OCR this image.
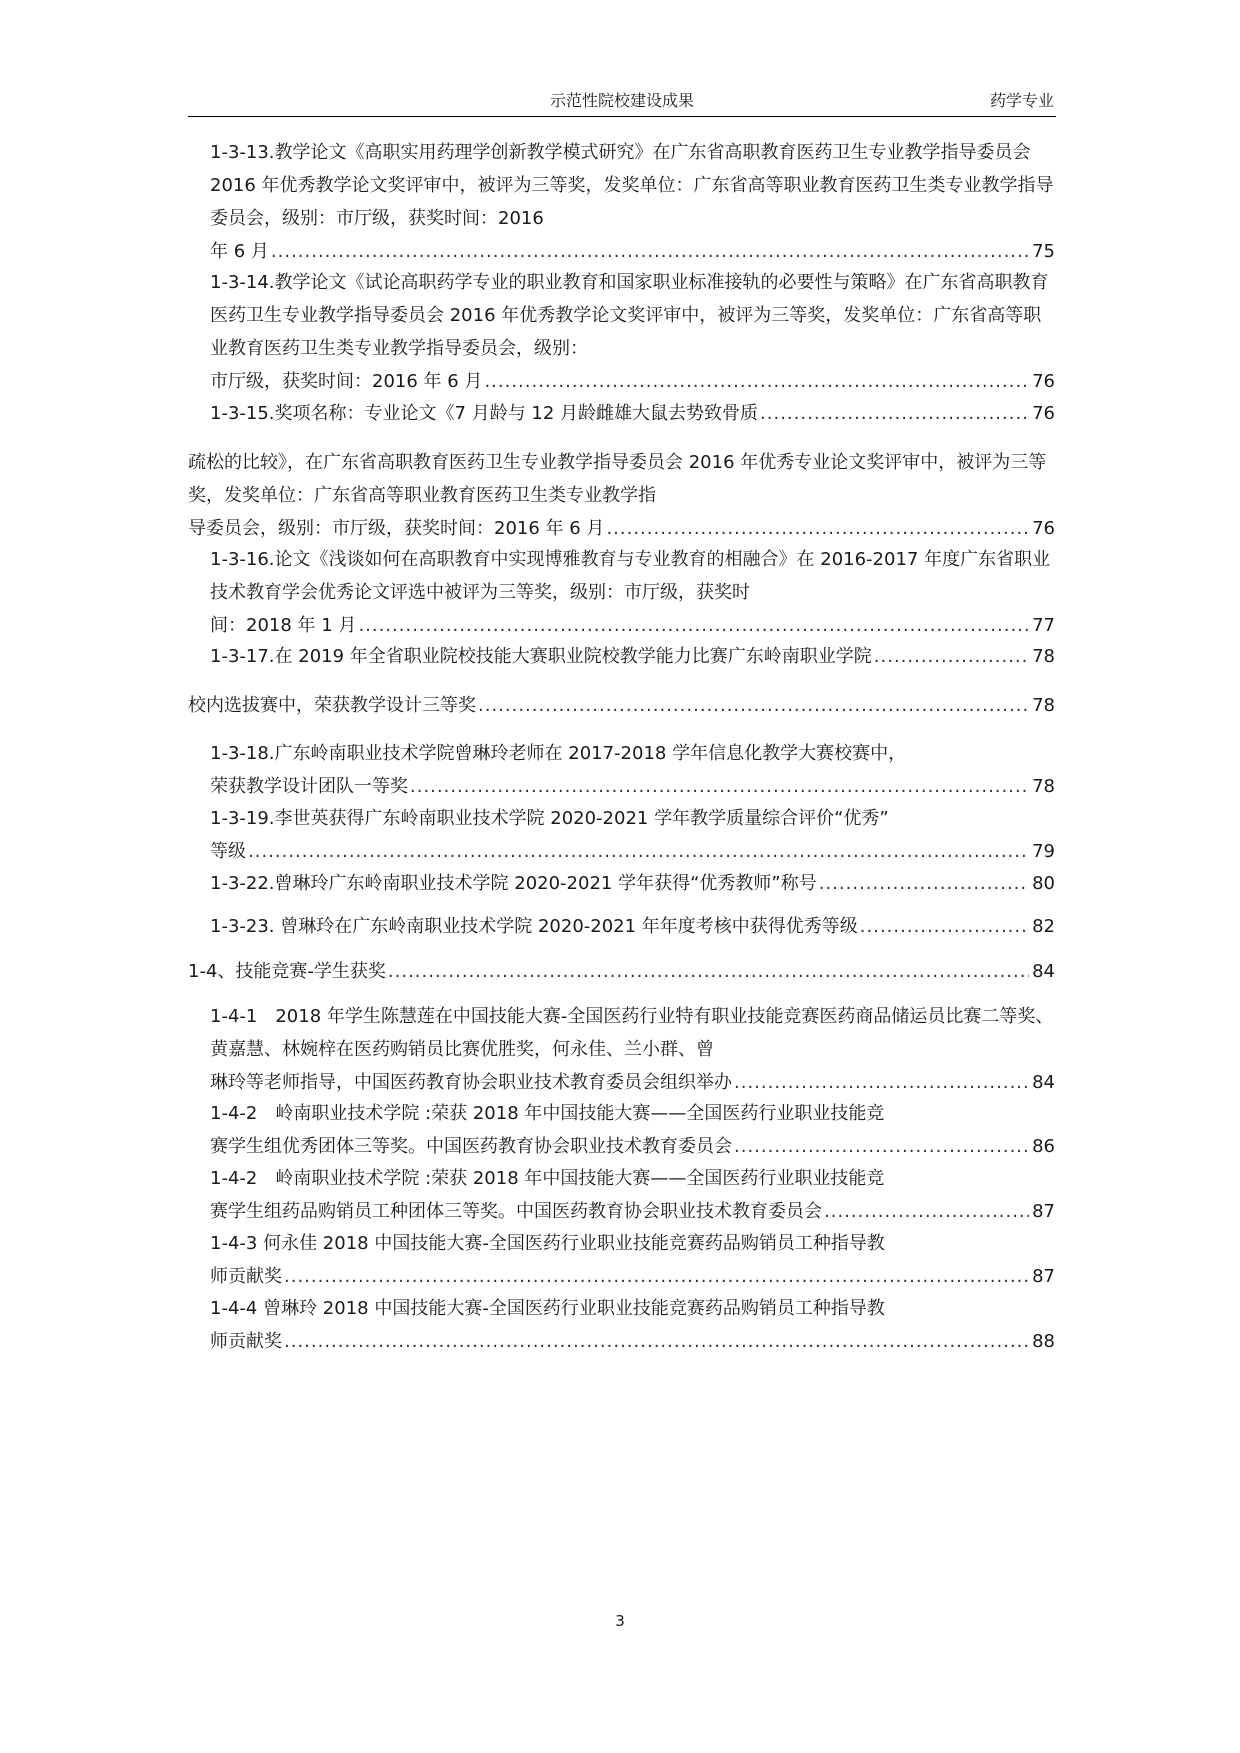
示范性院校建设成果	药学专业
1-3-13.教学论文《高职实用药理学创新教学模式研究》在广东省高职教育医药卫生专业教学指导委员会 2016 年优秀教学论文奖评审中，被评为三等奖，发奖单位：广东省高等职业教育医药卫生类专业教学指导委员会，级别：市厅级，获奖时间：2016
年 6 月 .....	75
1-3-14.教学论文《试论高职药学专业的职业教育和国家职业标准接轨的必要性与策略》在广东省高职教育医药卫生专业教学指导委员会 2016 年优秀教学论文奖评审中，被评为三等奖，发奖单位：广东省高等职业教育医药卫生类专业教学指导委员会，级别：
市厅级，获奖时间：2016 年 6 月 .....	76
1-3-15.奖项名称：专业论文《7 月龄与 12 月龄雌雄大鼠去势致骨质 .....	76
疏松的比较》，在广东省高职教育医药卫生专业教学指导委员会 2016 年优秀专业论文奖评审中，被评为三等奖，发奖单位：广东省高等职业教育医药卫生类专业教学指
导委员会，级别：市厅级，获奖时间：2016 年 6 月 .....	76
1-3-16.论文《浅谈如何在高职教育中实现博雅教育与专业教育的相融合》在 2016-2017 年度广东省职业技术教育学会优秀论文评选中被评为三等奖，级别：市厅级，获奖时
间：2018 年 1 月 .....	77
1-3-17.在 2019 年全省职业院校技能大赛职业院校教学能力比赛广东岭南职业学院 .....	78
校内选拔赛中，荣获教学设计三等奖 .....	78
1-3-18.广东岭南职业技术学院曾琳玲老师在 2017-2018 学年信息化教学大赛校赛中，
荣获教学设计团队一等奖 .....	78
1-3-19.李世英获得广东岭南职业技术学院 2020-2021 学年教学质量综合评价“优秀”
等级 .....	79
1-3-22.曾琳玲广东岭南职业技术学院 2020-2021 学年获得“优秀教师”称号 .....	80
1-3-23. 曾琳玲在广东岭南职业技术学院 2020-2021 年年度考核中获得优秀等级 .....	82
1-4、技能竞赛-学生获奖 .....	84
1-4-1　2018 年学生陈慧莲在中国技能大赛-全国医药行业特有职业技能竞赛医药商品储运员比赛二等奖、黄嘉慧、林婉梓在医药购销员比赛优胜奖，何永佳、兰小群、曾
琳玲等老师指导，中国医药教育协会职业技术教育委员会组织举办 .....	84
1-4-2　岭南职业技术学院 :荣获 2018 年中国技能大赛——全国医药行业职业技能竞
赛学生组优秀团体三等奖。中国医药教育协会职业技术教育委员会 .....	86
1-4-2　岭南职业技术学院 :荣获 2018 年中国技能大赛——全国医药行业职业技能竞
赛学生组药品购销员工种团体三等奖。中国医药教育协会职业技术教育委员会 .....	87
1-4-3 何永佳 2018 中国技能大赛-全国医药行业职业技能竞赛药品购销员工种指导教
师贡献奖 .....	87
1-4-4 曾琳玲 2018 中国技能大赛-全国医药行业职业技能竞赛药品购销员工种指导教
师贡献奖 .....	88
3
